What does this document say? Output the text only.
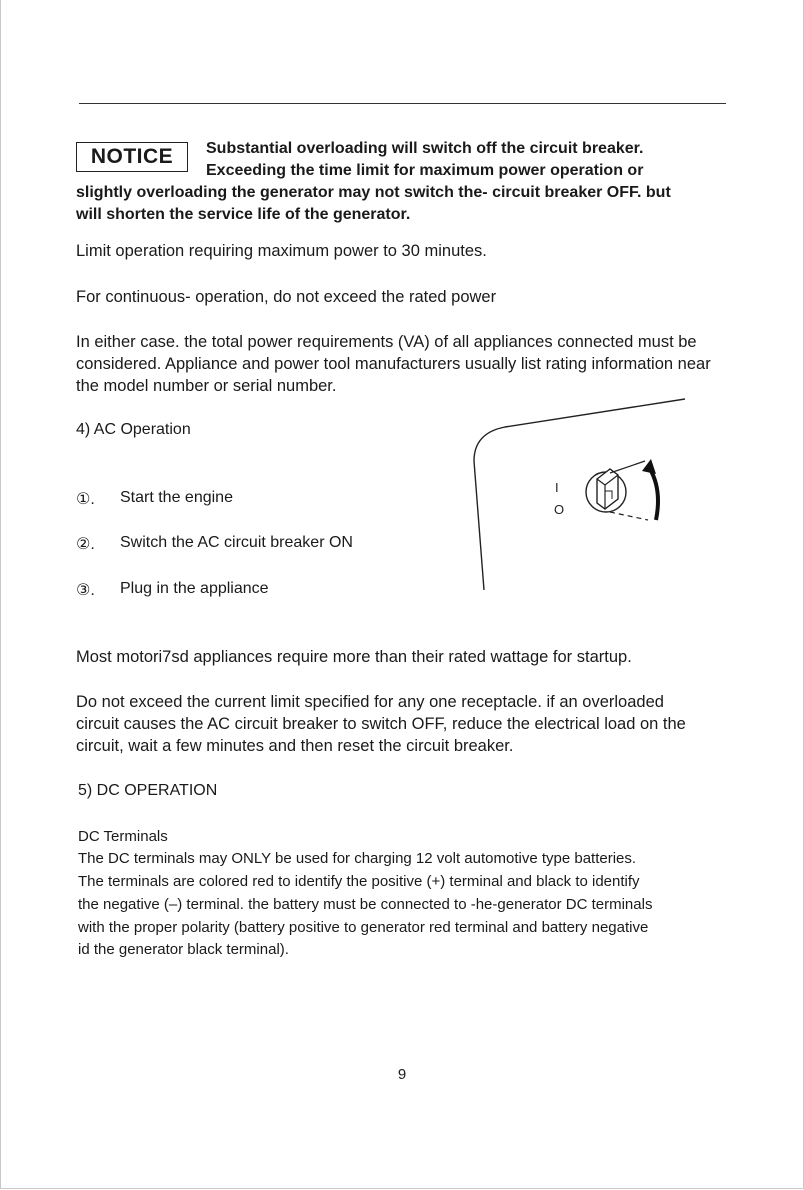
NOTICE	Substantial overloading will switch off the circuit breaker.
Exceeding the time limit for maximum power operation or
slightly overloading the generator may not switch the- circuit breaker OFF. but
will shorten the service life of the generator.
Limit operation requiring maximum power to 30 minutes.
For continuous- operation, do not exceed the rated power
In either case. the total power requirements (VA) of all appliances connected must be
considered. Appliance and power tool manufacturers usually list rating information near
the model number or serial number.
4) AC Operation
①. Start the engine
②. Switch the AC circuit breaker ON
③. Plug in the appliance
I
O
Most motori7sd appliances require more than their rated wattage for startup.
Do not exceed the current limit specified for any one receptacle. if an overloaded
circuit causes the AC circuit breaker to switch OFF, reduce the electrical load on the
circuit, wait a few minutes and then reset the circuit breaker.
5) DC OPERATION
DC Terminals
The DC terminals may ONLY be used for charging 12 volt automotive type batteries.
The terminals are colored red to identify the positive (+) terminal and black to identify
the negative (–) terminal. the battery must be connected to -he-generator DC terminals
with the proper polarity (battery positive to generator red terminal and battery negative
id the generator black terminal).
9
